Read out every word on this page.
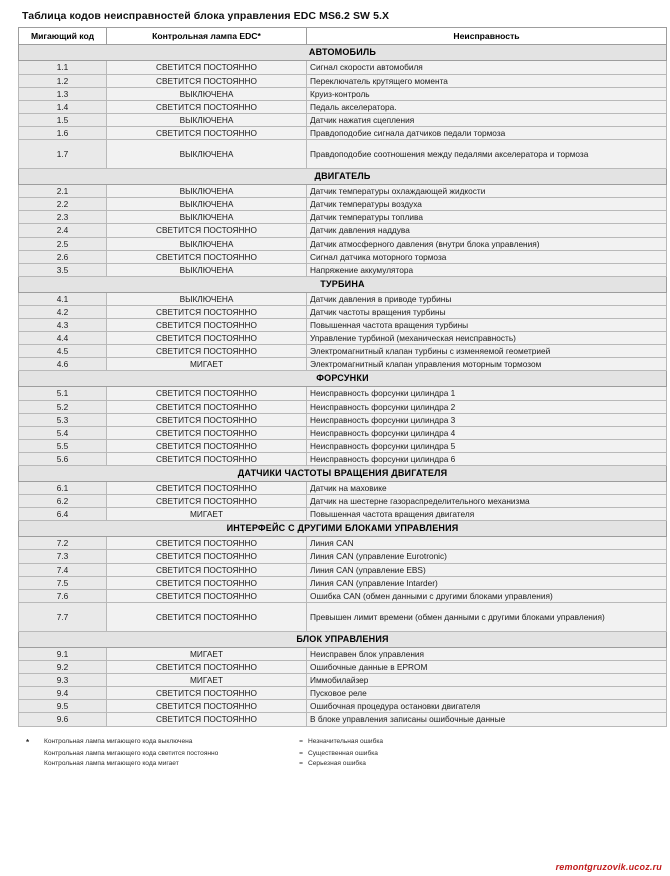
Таблица кодов неисправностей блока управления EDC MS6.2 SW 5.X
Мигающий код	Контрольная лампа EDC*	Неисправность
АВТОМОБИЛЬ		
1.1	СВЕТИТСЯ ПОСТОЯННО	Сигнал скорости автомобиля
1.2	СВЕТИТСЯ ПОСТОЯННО	Переключатель крутящего момента
1.3	ВЫКЛЮЧЕНА	Круиз-контроль
1.4	СВЕТИТСЯ ПОСТОЯННО	Педаль акселератора.
1.5	ВЫКЛЮЧЕНА	Датчик нажатия сцепления
1.6	СВЕТИТСЯ ПОСТОЯННО	Правдоподобие сигнала датчиков педали тормоза
1.7	ВЫКЛЮЧЕНА	Правдоподобие соотношения между педалями акселератора и тормоза
ДВИГАТЕЛЬ		
2.1	ВЫКЛЮЧЕНА	Датчик температуры охлаждающей жидкости
2.2	ВЫКЛЮЧЕНА	Датчик температуры воздуха
2.3	ВЫКЛЮЧЕНА	Датчик температуры топлива
2.4	СВЕТИТСЯ ПОСТОЯННО	Датчик давления наддува
2.5	ВЫКЛЮЧЕНА	Датчик атмосферного давления (внутри блока управления)
2.6	СВЕТИТСЯ ПОСТОЯННО	Сигнал датчика моторного тормоза
3.5	ВЫКЛЮЧЕНА	Напряжение аккумулятора
ТУРБИНА		
4.1	ВЫКЛЮЧЕНА	Датчик давления в приводе турбины
4.2	СВЕТИТСЯ ПОСТОЯННО	Датчик частоты вращения турбины
4.3	СВЕТИТСЯ ПОСТОЯННО	Повышенная частота вращения турбины
4.4	СВЕТИТСЯ ПОСТОЯННО	Управление турбиной (механическая неисправность)
4.5	СВЕТИТСЯ ПОСТОЯННО	Электромагнитный клапан турбины с изменяемой геометрией
4.6	МИГАЕТ	Электромагнитный клапан управления моторным тормозом
ФОРСУНКИ		
5.1	СВЕТИТСЯ ПОСТОЯННО	Неисправность форсунки цилиндра 1
5.2	СВЕТИТСЯ ПОСТОЯННО	Неисправность форсунки цилиндра 2
5.3	СВЕТИТСЯ ПОСТОЯННО	Неисправность форсунки цилиндра 3
5.4	СВЕТИТСЯ ПОСТОЯННО	Неисправность форсунки цилиндра 4
5.5	СВЕТИТСЯ ПОСТОЯННО	Неисправность форсунки цилиндра 5
5.6	СВЕТИТСЯ ПОСТОЯННО	Неисправность форсунки цилиндра 6
ДАТЧИКИ ЧАСТОТЫ ВРАЩЕНИЯ ДВИГАТЕЛЯ		
6.1	СВЕТИТСЯ ПОСТОЯННО	Датчик на маховике
6.2	СВЕТИТСЯ ПОСТОЯННО	Датчик на шестерне газораспределительного механизма
6.4	МИГАЕТ	Повышенная частота вращения двигателя
ИНТЕРФЕЙС С ДРУГИМИ БЛОКАМИ УПРАВЛЕНИЯ		
7.2	СВЕТИТСЯ ПОСТОЯННО	Линия CAN
7.3	СВЕТИТСЯ ПОСТОЯННО	Линия CAN (управление Eurotronic)
7.4	СВЕТИТСЯ ПОСТОЯННО	Линия CAN (управление EBS)
7.5	СВЕТИТСЯ ПОСТОЯННО	Линия CAN (управление Intarder)
7.6	СВЕТИТСЯ ПОСТОЯННО	Ошибка CAN (обмен данными с другими блоками управления)
7.7	СВЕТИТСЯ ПОСТОЯННО	Превышен лимит времени (обмен данными с другими блоками управления)
БЛОК УПРАВЛЕНИЯ		
9.1	МИГАЕТ	Неисправен блок управления
9.2	СВЕТИТСЯ ПОСТОЯННО	Ошибочные данные в EPROM
9.3	МИГАЕТ	Иммобилайзер
9.4	СВЕТИТСЯ ПОСТОЯННО	Пусковое реле
9.5	СВЕТИТСЯ ПОСТОЯННО	Ошибочная процедура остановки двигателя
9.6	СВЕТИТСЯ ПОСТОЯННО	В блоке управления записаны ошибочные данные
*	Контрольная лампа мигающего кода выключена	= Незначительная ошибка
Контрольная лампа мигающего кода светится постоянно	= Существенная ошибка
Контрольная лампа мигающего кода мигает	= Серьезная ошибка
remontgruzovik.ucoz.ru
